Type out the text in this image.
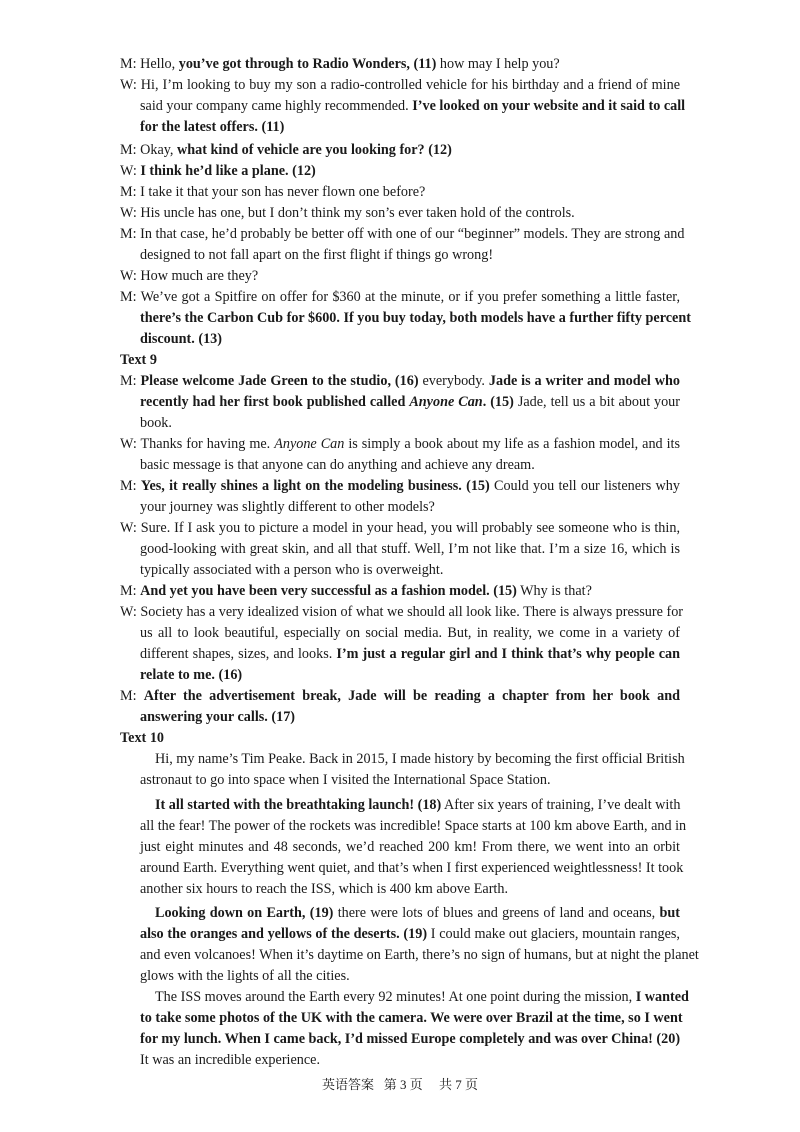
M: Hello, you’ve got through to Radio Wonders, (11) how may I help you?
W: Hi, I’m looking to buy my son a radio-controlled vehicle for his birthday and a friend of mine
said your company came highly recommended. I’ve looked on your website and it said to call
for the latest offers. (11)
M: Okay, what kind of vehicle are you looking for? (12)
W: I think he’d like a plane. (12)
M: I take it that your son has never flown one before?
W: His uncle has one, but I don’t think my son’s ever taken hold of the controls.
M: In that case, he’d probably be better off with one of our “beginner” models. They are strong and
designed to not fall apart on the first flight if things go wrong!
W: How much are they?
M: We’ve got a Spitfire on offer for $360 at the minute, or if you prefer something a little faster,
there’s the Carbon Cub for $600. If you buy today, both models have a further fifty percent
discount. (13)
Text 9
M: Please welcome Jade Green to the studio, (16) everybody. Jade is a writer and model who
recently had her first book published called Anyone Can. (15) Jade, tell us a bit about your
book.
W: Thanks for having me. Anyone Can is simply a book about my life as a fashion model, and its
basic message is that anyone can do anything and achieve any dream.
M: Yes, it really shines a light on the modeling business. (15) Could you tell our listeners why
your journey was slightly different to other models?
W: Sure. If I ask you to picture a model in your head, you will probably see someone who is thin,
good-looking with great skin, and all that stuff. Well, I’m not like that. I’m a size 16, which is
typically associated with a person who is overweight.
M: And yet you have been very successful as a fashion model. (15) Why is that?
W: Society has a very idealized vision of what we should all look like. There is always pressure for
us all to look beautiful, especially on social media. But, in reality, we come in a variety of
different shapes, sizes, and looks. I’m just a regular girl and I think that’s why people can
relate to me. (16)
M: After the advertisement break, Jade will be reading a chapter from her book and
answering your calls. (17)
Text 10
Hi, my name’s Tim Peake. Back in 2015, I made history by becoming the first official British
astronaut to go into space when I visited the International Space Station.
It all started with the breathtaking launch! (18) After six years of training, I’ve dealt with
all the fear! The power of the rockets was incredible! Space starts at 100 km above Earth, and in
just eight minutes and 48 seconds, we’d reached 200 km! From there, we went into an orbit
around Earth. Everything went quiet, and that’s when I first experienced weightlessness! It took
another six hours to reach the ISS, which is 400 km above Earth.
Looking down on Earth, (19) there were lots of blues and greens of land and oceans, but
also the oranges and yellows of the deserts. (19) I could make out glaciers, mountain ranges,
and even volcanoes! When it’s daytime on Earth, there’s no sign of humans, but at night the planet
glows with the lights of all the cities.
The ISS moves around the Earth every 92 minutes! At one point during the mission, I wanted
to take some photos of the UK with the camera. We were over Brazil at the time, so I went
for my lunch. When I came back, I’d missed Europe completely and was over China! (20)
It was an incredible experience.
英语答案   第 3 页     共 7 页
